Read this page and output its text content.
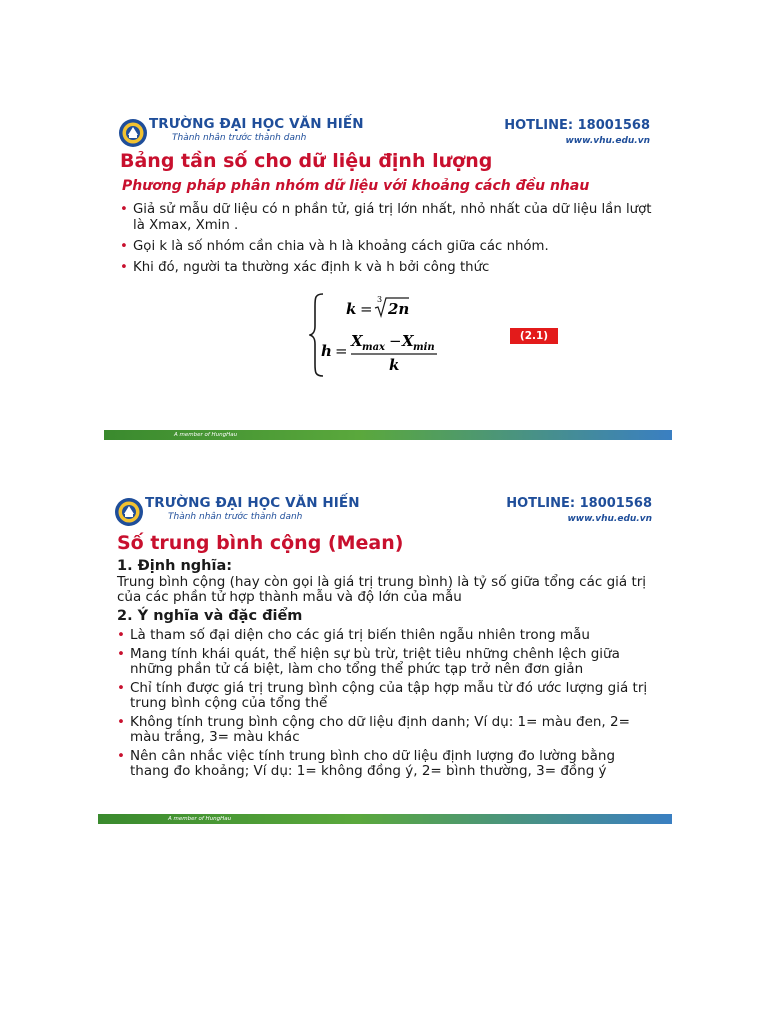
TRƯỜNG ĐẠI HỌC VĂN HIẾN
Thành nhân trước thành danh
HOTLINE: 18001568
www.vhu.edu.vn
Bảng tần số cho dữ liệu định lượng
Phương pháp phân nhóm dữ liệu với khoảng cách đều nhau
• Giả sử mẫu dữ liệu có n phần tử, giá trị lớn nhất, nhỏ nhất của dữ liệu lần lượt là Xmax, Xmin .
• Gọi k là số nhóm cần chia và h là khoảng cách giữa các nhóm.
• Khi đó, người ta thường xác định k và h bởi công thức
k =
3
2n
h =
X max − X min
k
(2.1)
A member of HungHau
TRƯỜNG ĐẠI HỌC VĂN HIẾN
Thành nhân trước thành danh
HOTLINE: 18001568
www.vhu.edu.vn
Số trung bình cộng (Mean)
1. Định nghĩa:
Trung bình cộng (hay còn gọi là giá trị trung bình) là tỷ số giữa tổng các giá trị của các phần tử hợp thành mẫu và độ lớn của mẫu
2. Ý nghĩa và đặc điểm
• Là tham số đại diện cho các giá trị biến thiên ngẫu nhiên trong mẫu
• Mang tính khái quát, thể hiện sự bù trừ, triệt tiêu những chênh lệch giữa những phần tử cá biệt, làm cho tổng thể phức tạp trở nên đơn giản
• Chỉ tính được giá trị trung bình cộng của tập hợp mẫu từ đó ước lượng giá trị trung bình cộng của tổng thể
• Không tính trung bình cộng cho dữ liệu định danh; Ví dụ: 1= màu đen, 2= màu trắng, 3= màu khác
• Nên cân nhắc việc tính trung bình cho dữ liệu định lượng đo lường bằng thang đo khoảng; Ví dụ: 1= không đồng ý, 2= bình thường, 3= đồng ý
A member of HungHau
